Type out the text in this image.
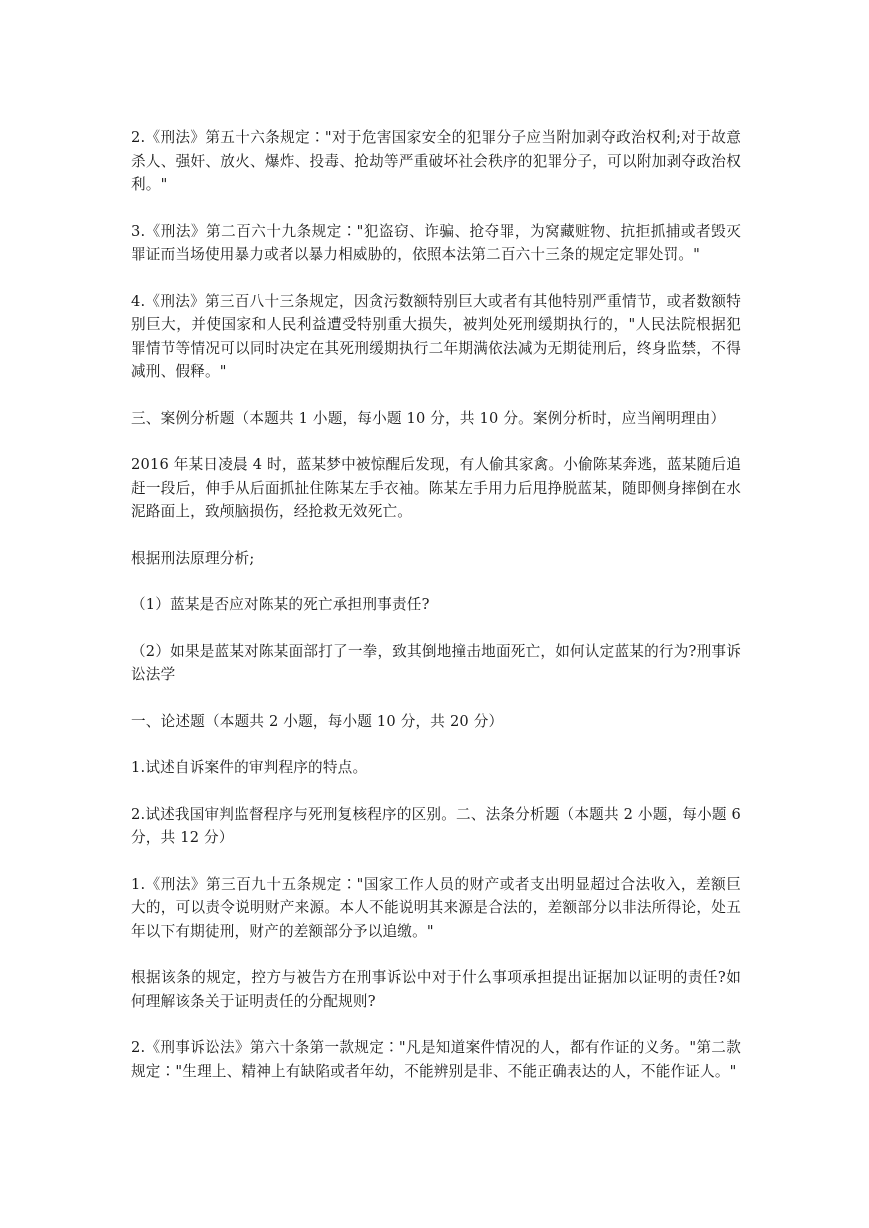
2.《刑法》第五十六条规定∶"对于危害国家安全的犯罪分子应当附加剥夺政治权利;对于故意杀人、强奸、放火、爆炸、投毒、抢劫等严重破坏社会秩序的犯罪分子，可以附加剥夺政治权利。"

3.《刑法》第二百六十九条规定∶"犯盗窃、诈骗、抢夺罪，为窝藏赃物、抗拒抓捕或者毁灭罪证而当场使用暴力或者以暴力相威胁的，依照本法第二百六十三条的规定定罪处罚。"

4.《刑法》第三百八十三条规定，因贪污数额特别巨大或者有其他特别严重情节，或者数额特别巨大，并使国家和人民利益遭受特别重大损失，被判处死刑缓期执行的，"人民法院根据犯罪情节等情况可以同时决定在其死刑缓期执行二年期满依法减为无期徒刑后，终身监禁，不得减刑、假释。"

三、案例分析题（本题共 1 小题，每小题 10 分，共 10 分。案例分析时，应当阐明理由）

2016 年某日凌晨 4 时，蓝某梦中被惊醒后发现，有人偷其家禽。小偷陈某奔逃，蓝某随后追赶一段后，伸手从后面抓扯住陈某左手衣袖。陈某左手用力后甩挣脱蓝某，随即侧身摔倒在水泥路面上，致颅脑损伤，经抢救无效死亡。

根据刑法原理分析;

（1）蓝某是否应对陈某的死亡承担刑事责任?

（2）如果是蓝某对陈某面部打了一拳，致其倒地撞击地面死亡，如何认定蓝某的行为?刑事诉讼法学

一、论述题（本题共 2 小题，每小题 10 分，共 20 分）

1.试述自诉案件的审判程序的特点。

2.试述我国审判监督程序与死刑复核程序的区别。二、法条分析题（本题共 2 小题，每小题 6 分，共 12 分）

1.《刑法》第三百九十五条规定∶"国家工作人员的财产或者支出明显超过合法收入，差额巨大的，可以责令说明财产来源。本人不能说明其来源是合法的，差额部分以非法所得论，处五年以下有期徒刑，财产的差额部分予以追缴。"

根据该条的规定，控方与被告方在刑事诉讼中对于什么事项承担提出证据加以证明的责任?如何理解该条关于证明责任的分配规则?

2.《刑事诉讼法》第六十条第一款规定∶"凡是知道案件情况的人，都有作证的义务。"第二款规定∶"生理上、精神上有缺陷或者年幼，不能辨别是非、不能正确表达的人，不能作证人。"
